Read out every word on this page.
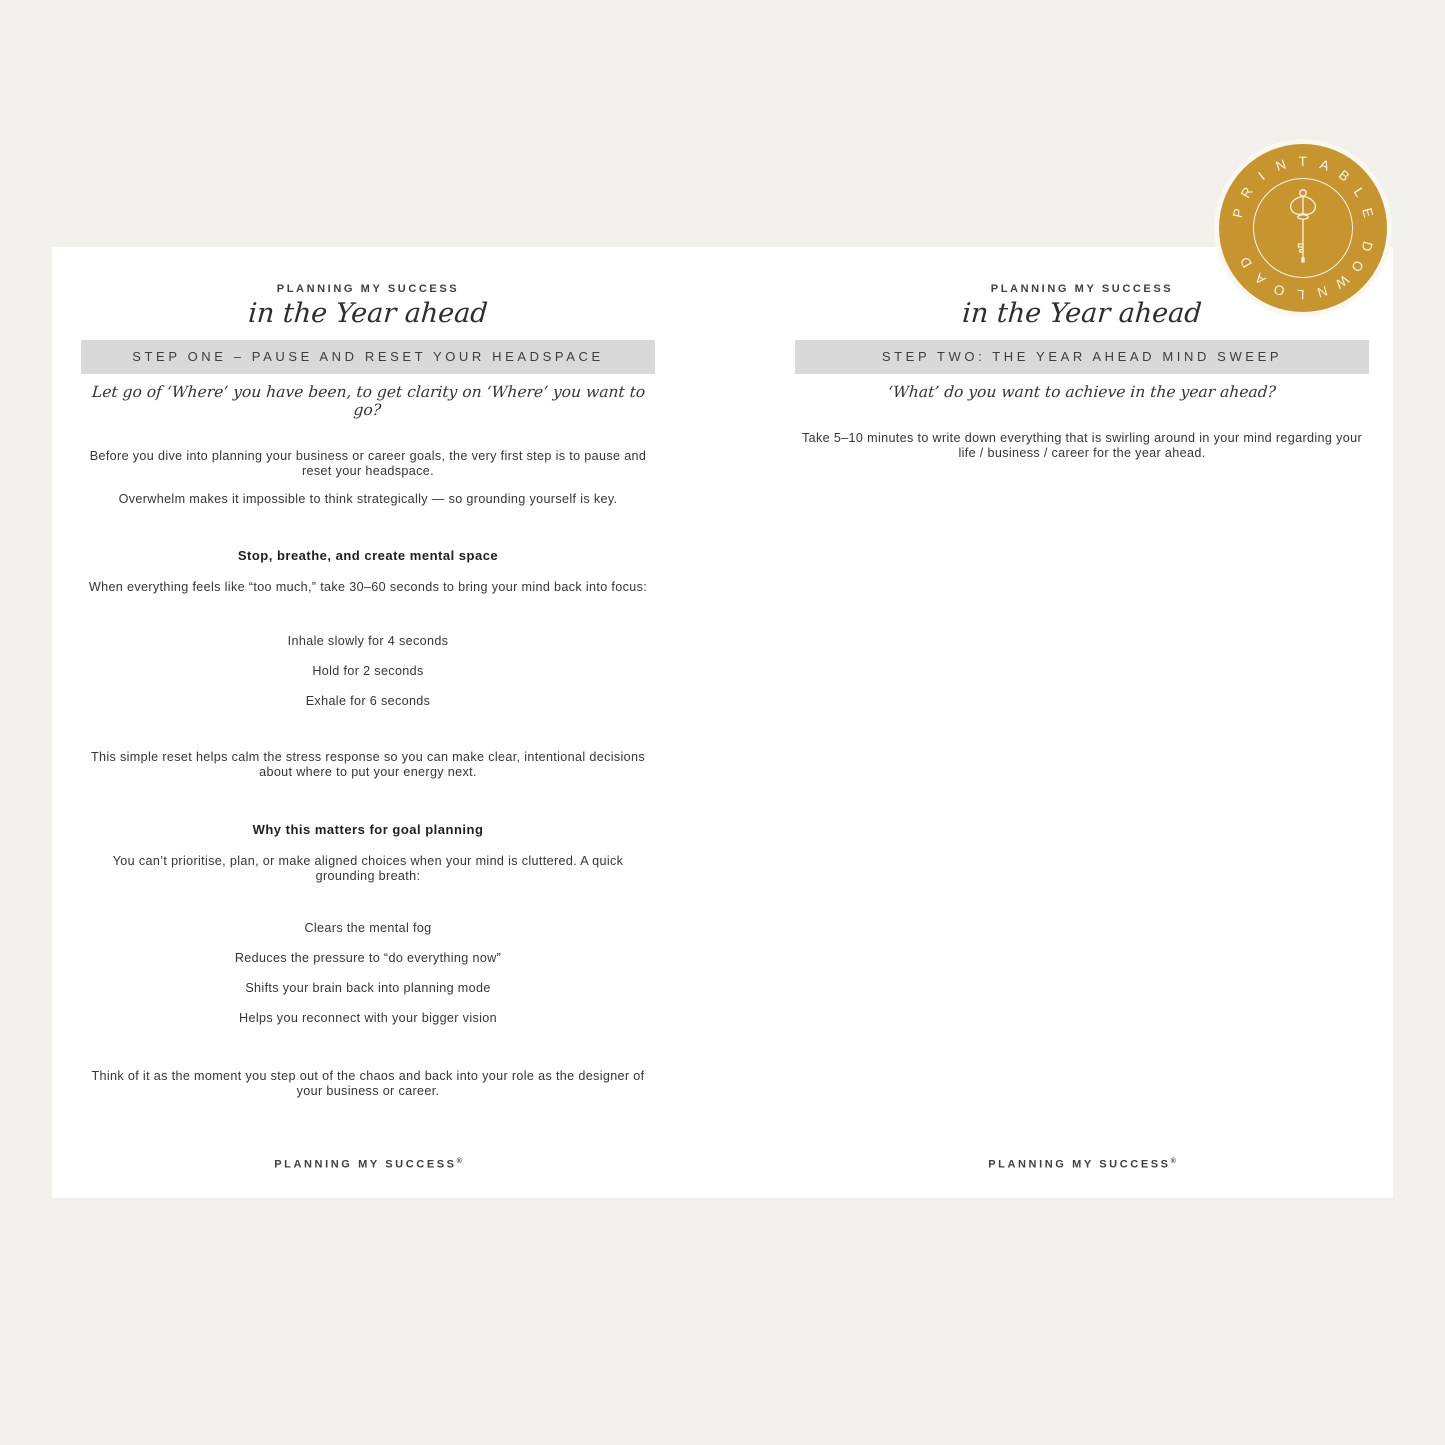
PLANNING MY SUCCESS
in the Year ahead
STEP ONE – PAUSE AND RESET YOUR HEADSPACE
Let go of ‘Where’ you have been, to get clarity on ‘Where’ you want to go?
Before you dive into planning your business or career goals, the very first step is to pause and reset your headspace.
Overwhelm makes it impossible to think strategically — so grounding yourself is key.
Stop, breathe, and create mental space
When everything feels like “too much,” take 30–60 seconds to bring your mind back into focus:
Inhale slowly for 4 seconds
Hold for 2 seconds
Exhale for 6 seconds
This simple reset helps calm the stress response so you can make clear, intentional decisions about where to put your energy next.
Why this matters for goal planning
You can’t prioritise, plan, or make aligned choices when your mind is cluttered. A quick grounding breath:
Clears the mental fog
Reduces the pressure to “do everything now”
Shifts your brain back into planning mode
Helps you reconnect with your bigger vision
Think of it as the moment you step out of the chaos and back into your role as the designer of your business or career.
PLANNING MY SUCCESS®
PLANNING MY SUCCESS
in the Year ahead
STEP TWO: THE YEAR AHEAD MIND SWEEP
‘What’ do you want to achieve in the year ahead?
Take 5–10 minutes to write down everything that is swirling around in your mind regarding your life / business / career for the year ahead.
PLANNING MY SUCCESS®
P
R
I
N T A
B
L
E
D
O
W
N
L
O
A
D
